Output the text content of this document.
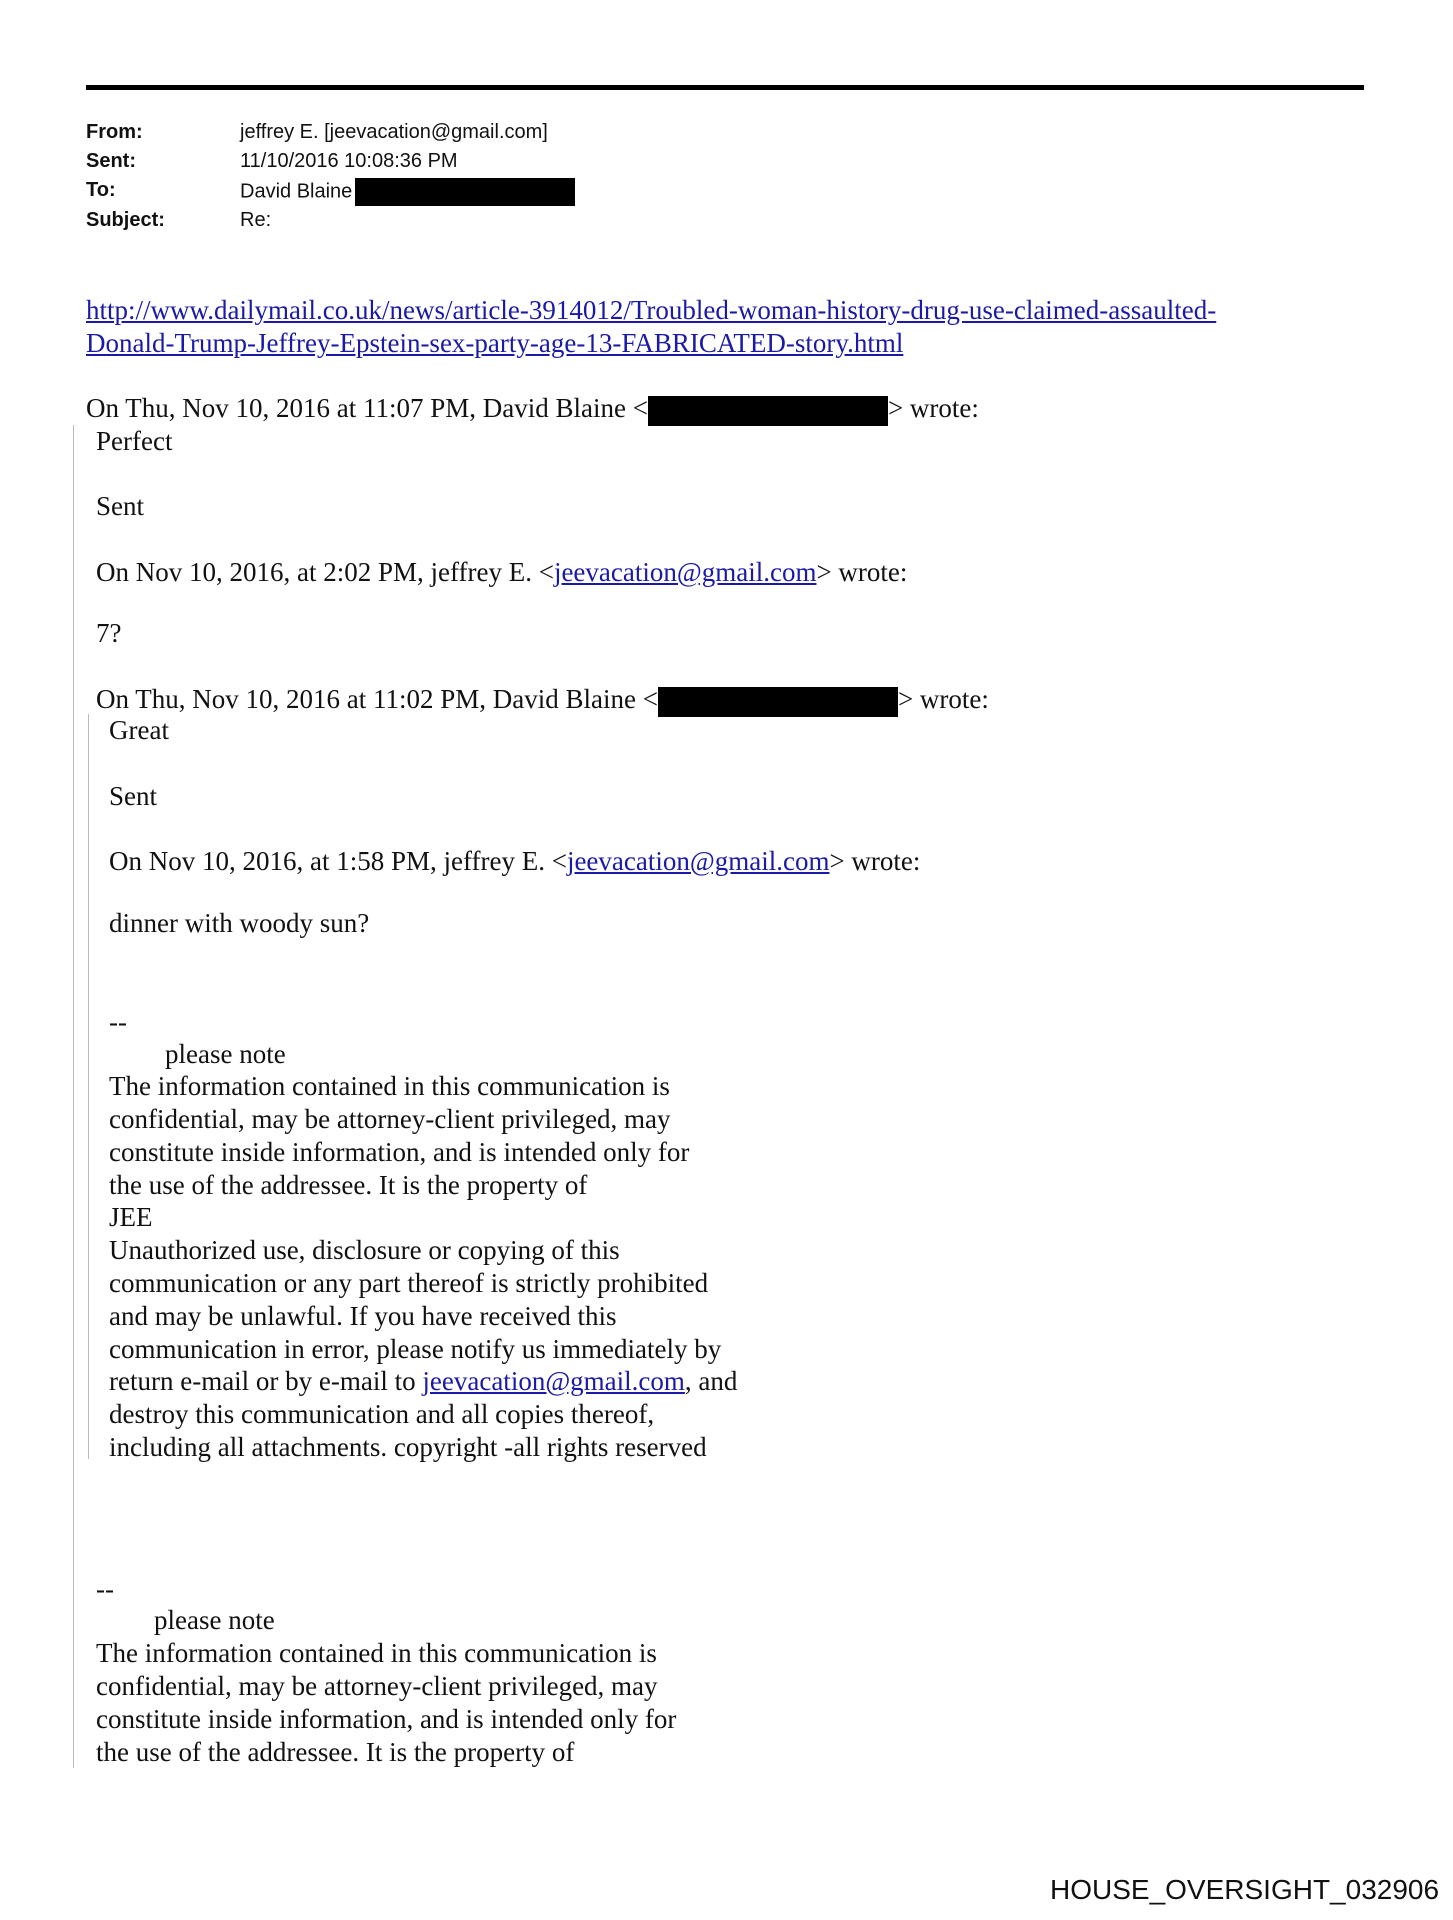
From:	jeffrey E. [jeevacation@gmail.com]
Sent:	11/10/2016 10:08:36 PM
To:	David Blaine
Subject:	Re:
http://www.dailymail.co.uk/news/article-3914012/Troubled-woman-history-drug-use-claimed-assaulted-
Donald-Trump-Jeffrey-Epstein-sex-party-age-13-FABRICATED-story.html
On Thu, Nov 10, 2016 at 11:07 PM, David Blaine <	> wrote:
Perfect
Sent
On Nov 10, 2016, at 2:02 PM, jeffrey E. <jeevacation@gmail.com> wrote:
7?
On Thu, Nov 10, 2016 at 11:02 PM, David Blaine <	> wrote:
Great
Sent
On Nov 10, 2016, at 1:58 PM, jeffrey E. <jeevacation@gmail.com> wrote:
dinner with woody sun?
--
please note
The information contained in this communication is
confidential, may be attorney-client privileged, may
constitute inside information, and is intended only for
the use of the addressee. It is the property of
JEE
Unauthorized use, disclosure or copying of this
communication or any part thereof is strictly prohibited
and may be unlawful. If you have received this
communication in error, please notify us immediately by
return e-mail or by e-mail to jeevacation@gmail.com, and
destroy this communication and all copies thereof,
including all attachments. copyright -all rights reserved
--
please note
The information contained in this communication is
confidential, may be attorney-client privileged, may
constitute inside information, and is intended only for
the use of the addressee. It is the property of
HOUSE_OVERSIGHT_032906
